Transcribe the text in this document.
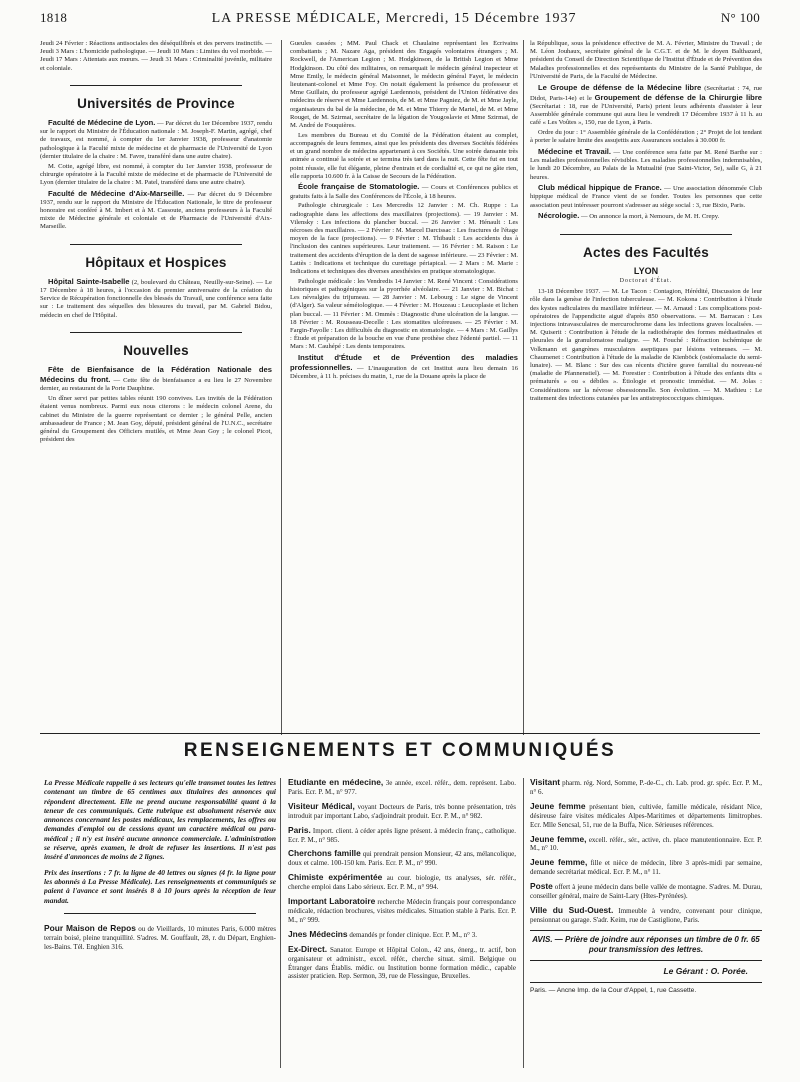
1818	LA PRESSE MÉDICALE, Mercredi, 15 Décembre 1937	N° 100

Jeudi 24 Février : Réactions antisociales des déséquilibrés et des pervers instinctifs. — Jeudi 3 Mars : L'homicide pathologique. — Jeudi 10 Mars : Limites du vol morbide. — Jeudi 17 Mars : Attentats aux mœurs. — Jeudi 31 Mars : Criminalité juvénile, militaire et coloniale.

Universités de Province

Faculté de Médecine de Lyon. — Par décret du 1er Décembre 1937, rendu sur le rapport du Ministre de l'Éducation nationale : M. Joseph-F. Martin, agrégé, chef de travaux, est nommé, à compter du 1er Janvier 1938, professeur d'anatomie pathologique à la Faculté mixte de médecine et de pharmacie de l'Université de Lyon (dernier titulaire de la chaire : M. Favre, transféré dans une autre chaire).

M. Cotte, agrégé libre, est nommé, à compter du 1er Janvier 1938, professeur de chirurgie opératoire à la Faculté mixte de médecine et de pharmacie de l'Université de Lyon (dernier titulaire de la chaire : M. Patel, transféré dans une autre chaire).

Faculté de Médecine d'Aix-Marseille. — Par décret du 9 Décembre 1937, rendu sur le rapport du Ministre de l'Éducation Nationale, le titre de professeur honoraire est conféré à M. Imbert et à M. Cassoute, anciens professeurs à la Faculté mixte de Médecine générale et coloniale et de Pharmacie de l'Université d'Aix-Marseille.

Hôpitaux et Hospices

Hôpital Sainte-Isabelle (2, boulevard du Château, Neuilly-sur-Seine). — Le 17 Décembre à 18 heures, à l'occasion du premier anniversaire de la création du Service de Récupération fonctionnelle des blessés du Travail, une conférence sera faite sur : Le traitement des séquelles des blessures du travail, par M. Gabriel Bidou, médecin en chef de l'Hôpital.

Nouvelles

Fête de Bienfaisance de la Fédération Nationale des Médecins du front. — Cette fête de bienfaisance a eu lieu le 27 Novembre dernier, au restaurant de la Porte Dauphine.

Un dîner servi par petites tables réunit 190 convives. Les invités de la Fédération étaient venus nombreux. Parmi eux nous citerons : le médecin colonel Arene, du cabinet du Ministre de la guerre représentant ce dernier ; le général Pelle, ancien ambassadeur de France ; M. Jean Goy, député, président général de l'U.N.C., secrétaire général du Groupement des Officiers mutilés, et Mme Jean Goy ; le colonel Picot, président des

Gueules cassées ; MM. Paul Chack et Chaulaine représentant les Écrivains combattants ; M. Nazare Aga, président des Engagés volontaires étrangers ; M. Rockwell, de l'American Legion ; M. Hodgkinson, de la British Legion et Mme Hodgkinson. Du côté des militaires, on remarquait le médecin général inspecteur et Mme Emily, le médecin général Maisonnet, le médecin général Fayet, le médecin lieutenant-colonel et Mme Foy. On notait également la présence du professeur et Mme Guillain, du professeur agrégé Lardennois, président de l'Union fédérative des médecins de réserve et Mme Lardennois, de M. et Mme Pagniez, de M. et Mme Jayle, organisateurs du bal de la médecine, de M. et Mme Thierry de Martel, de M. et Mme Rouget, de M. Szirmai, secrétaire de la légation de Yougoslavie et Mme Szirmai, de M. André de Fouquières.

Les membres du Bureau et du Comité de la Fédération étaient au complet, accompagnés de leurs femmes, ainsi que les présidents des diverses Sociétés fédérées et un grand nombre de médecins appartenant à ces Sociétés. Une soirée dansante très animée a continué la soirée et se termina très tard dans la nuit. Cette fête fut en tout point réussie, elle fut élégante, pleine d'entrain et de cordialité et, ce qui ne gâte rien, elle rapporta 10.600 fr. à la Caisse de Secours de la Fédération.

École française de Stomatologie. — Cours et Conférences publics et gratuits faits à la Salle des Conférences de l'École, à 18 heures.

Pathologie chirurgicale : Les Mercredis 12 Janvier : M. Ch. Ruppe : La radiographie dans les affections des maxillaires (projections). — 19 Janvier : M. Vilensky : Les infections du plancher buccal. — 26 Janvier : M. Hénault : Les nécroses des maxillaires. — 2 Février : M. Marcel Darcissac : Les fractures de l'étage moyen de la face (projections). — 9 Février : M. Thibault : Les accidents dus à l'inclusion des canines supérieures. Leur traitement. — 16 Février : M. Raison : Le traitement des accidents d'éruption de la dent de sagesse inférieure. — 23 Février : M. Lattès : Indications et technique du curettage périapical. — 2 Mars : M. Marie : Indications et techniques des diverses anesthésies en pratique stomatologique.

Pathologie médicale : les Vendredis 14 Janvier : M. René Vincent : Considérations historiques et pathogéniques sur la pyorrhée alvéolaire. — 21 Janvier : M. Bichat : Les névralgies du trijumeau. — 28 Janvier : M. Lebourg : Le signe de Vincent (d'Alger). Sa valeur séméiologique. — 4 Février : M. Houzeau : Leucoplasie et lichen plan buccal. — 11 Février : M. Ommès : Diagnostic d'une ulcération de la langue. — 18 Février : M. Rousseau-Decelle : Les stomatites ulcéreuses. — 25 Février : M. Fargin-Fayolle : Les difficultés du diagnostic en stomatologie. — 4 Mars : M. Gaillys : Étude et préparation de la bouche en vue d'une prothèse chez l'édenté partiel. — 11 Mars : M. Cauhépé : Les dents temporaires.

Institut d'Étude et de Prévention des maladies professionnelles. — L'inauguration de cet Institut aura lieu demain 16 Décembre, à 11 h. précises du matin, 1, rue de la Douane après la place de

la République, sous la présidence effective de M. A. Février, Ministre du Travail ; de M. Léon Jouhaux, secrétaire général de la C.G.T. et de M. le doyen Balthazard, président du Conseil de Direction Scientifique de l'Institut d'Étude et de Prévention des Maladies professionnelles et des représentants du Ministre de la Santé Publique, de l'Université de Paris, de la Faculté de Médecine.

Le Groupe de défense de la Médecine libre (Secrétariat : 74, rue Didot, Paris-14e) et le Groupement de défense de la Chirurgie libre (Secrétariat : 18, rue de l'Université, Paris) prient leurs adhérents d'assister à leur Assemblée générale commune qui aura lieu le vendredi 17 Décembre 1937 à 11 h. au café « Les Voûtes », 150, rue de Lyon, à Paris.

Ordre du jour : 1° Assemblée générale de la Confédération ; 2° Projet de loi tendant à porter le salaire limite des assujettis aux Assurances sociales à 30.000 fr.

Médecine et Travail. — Une conférence sera faite par M. René Barthe sur : Les maladies professionnelles révisibles. Les maladies professionnelles indemnisables, le lundi 20 Décembre, au Palais de la Mutualité (rue Saint-Victor, 5e), salle G, à 21 heures.

Club médical hippique de France. — Une association dénommée Club hippique médical de France vient de se fonder. Toutes les personnes que cette association peut intéresser pourront s'adresser au siège social : 3, rue Bixio, Paris.

Nécrologie. — On annonce la mort, à Nemours, de M. H. Crepy.

Actes des Facultés
LYON
Doctorat d'État.

13-18 Décembre 1937. — M. Le Tacon : Contagion, Hérédité, Discussion de leur rôle dans la genèse de l'infection tuberculeuse. — M. Kokona : Contribution à l'étude des kystes radiculaires du maxillaire inférieur. — M. Arnaud : Les complications post-opératoires de l'appendicite aiguë d'après 850 observations. — M. Barracan : Les injections intravasculaires de mercurochrome dans les infections graves localisées. — M. Quiserit : Contribution à l'étude de la radiothérapie des formes médiastinales et pleurales de la granulomatose maligne. — M. Fouché : Réfraction ischémique de Volkmann et gangrènes musculaires aseptiques par lésions veineuses. — M. Chaumenet : Contribution à l'étude de la maladie de Kienböck (ostéomalacie du semi-lunaire). — M. Blanc : Sur des cas récents d'ictère grave familial du nouveau-né (maladie de Pfannenstiel). — M. Forestier : Contribution à l'étude des enfants dits « prématurés » ou « débiles ». Étiologie et pronostic immédiat. — M. Jolas : Considérations sur la névrose obsessionnelle. Son évolution. — M. Mathieu : Le traitement des infections cutanées par les antistreptococciques chimiques.

RENSEIGNEMENTS ET COMMUNIQUÉS

La Presse Médicale rappelle à ses lecteurs qu'elle transmet toutes les lettres contenant un timbre de 65 centimes aux titulaires des annonces qui répondent directement. Elle ne prend aucune responsabilité quant à la teneur de ces communiqués. Cette rubrique est absolument réservée aux annonces concernant les postes médicaux, les remplacements, les offres ou demandes d'emploi ou de cessions ayant un caractère médical ou para-médical ; il n'y est inséré aucune annonce commerciale. L'administration se réserve, après examen, le droit de refuser les insertions. Il n'est pas inséré d'annonces de moins de 2 lignes.

Prix des insertions : 7 fr. la ligne de 40 lettres ou signes (4 fr. la ligne pour les abonnés à La Presse Médicale). Les renseignements et communiqués se paient à l'avance et sont insérés 8 à 10 jours après la réception de leur mandat.

Pour Maison de Repos ou de Vieillards, 10 minutes Paris, 6.000 mètres terrain boisé, pleine tranquillité. S'adres. M. Gouffault, 28, r. du Départ, Enghien-les-Bains. Tél. Enghien 316.

Etudiante en médecine, 3e année, excel. référ., dem. représent. Labo. Paris. Ecr. P. M., n° 977.

Visiteur Médical, voyant Docteurs de Paris, très bonne présentation, très introduit par important Labo, s'adjoindrait produit. Ecr. P. M., n° 982.

Paris. Import. client. à céder après ligne présent. à médecin franç., catholique. Ecr. P. M., n° 985.

Cherchons famille qui prendrait pension Monsieur, 42 ans, mélancolique, doux et calme. 100-150 km. Paris. Ecr. P. M., n° 990.

Chimiste expérimentée au cour. biologie, tts analyses, sér. référ., cherche emploi dans Labo sérieux. Ecr. P. M., n° 994.

Important Laboratoire recherche Médecin français pour correspondance médicale, rédaction brochures, visites médicales. Situation stable à Paris. Ecr. P. M., n° 999.

Jnes Médecins demandés pr fonder clinique. Ecr. P. M., n° 3.

Ex-Direct. Sanator. Europe et Hôpital Colon., 42 ans, énerg., tr. actif, bon organisateur et administr., excel. référ., cherche situat. simil. Belgique ou Étranger dans Établis. médic. ou Institution bonne formation médic., capable assister praticien. Rep. Sermon, 39, rue de Flessingue, Bruxelles.

Visitant pharm. rég. Nord, Somme, P.-de-C., ch. Lab. prod. gr. spéc. Ecr. P. M., n° 6.

Jeune femme présentant bien, cultivée, famille médicale, résidant Nice, désireuse faire visites médicales Alpes-Maritimes et départements limitrophes. Ecr. Mlle Sencsal, 51, rue de la Buffa, Nice. Sérieuses références.

Jeune femme, excell. référ., sér., active, ch. place manutentionnaire. Ecr. P. M., n° 10.

Jeune femme, fille et nièce de médecin, libre 3 après-midi par semaine, demande secrétariat médical. Ecr. P. M., n° 11.

Poste offert à jeune médecin dans belle vallée de montagne. S'adres. M. Durau, conseiller général, maire de Saint-Lary (Htes-Pyrénées).

Ville du Sud-Ouest. Immeuble à vendre, convenant pour clinique, pensionnat ou garage. S'adr. Keim, rue de Castiglione, Paris.

AVIS. — Prière de joindre aux réponses un timbre de 0 fr. 65 pour transmission des lettres.
Le Gérant : O. Porée.
Paris. — Ancne Imp. de la Cour d'Appel, 1, rue Cassette.
